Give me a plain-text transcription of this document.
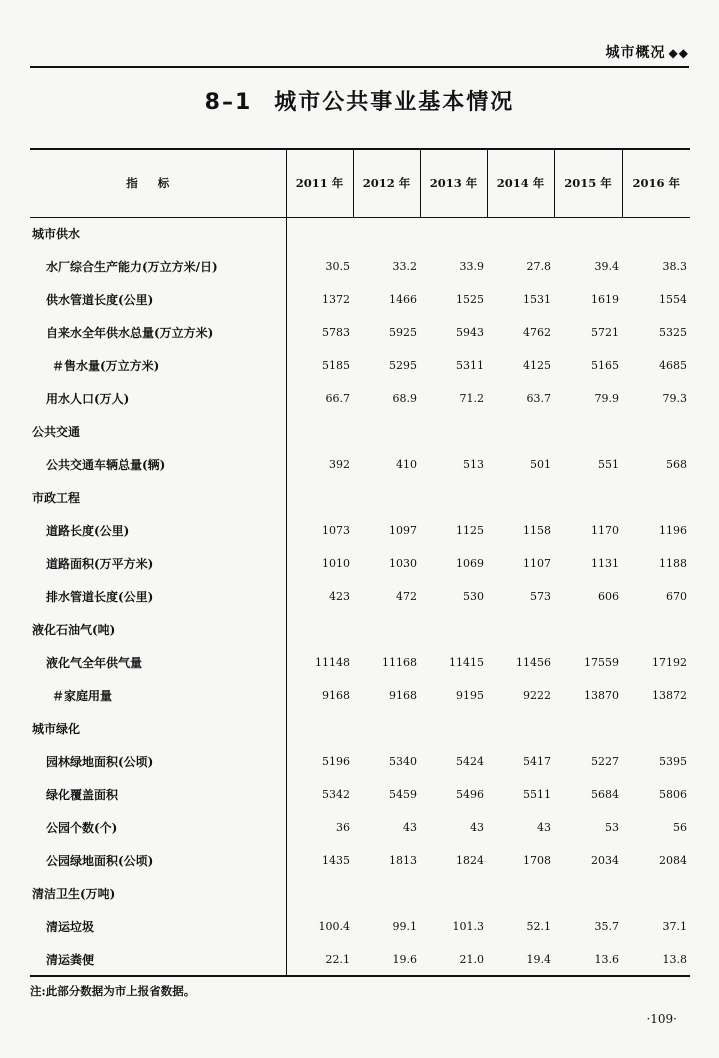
城市概况 ◆◆
8–1 城市公共事业基本情况
指标	2011 年	2012 年	2013 年	2014 年	2015 年	2016 年
城市供水						
水厂综合生产能力(万立方米/日)	30.5	33.2	33.9	27.8	39.4	38.3
供水管道长度(公里)	1372	1466	1525	1531	1619	1554
自来水全年供水总量(万立方米)	5783	5925	5943	4762	5721	5325
＃售水量(万立方米)	5185	5295	5311	4125	5165	4685
用水人口(万人)	66.7	68.9	71.2	63.7	79.9	79.3
公共交通						
公共交通车辆总量(辆)	392	410	513	501	551	568
市政工程						
道路长度(公里)	1073	1097	1125	1158	1170	1196
道路面积(万平方米)	1010	1030	1069	1107	1131	1188
排水管道长度(公里)	423	472	530	573	606	670
液化石油气(吨)						
液化气全年供气量	11148	11168	11415	11456	17559	17192
＃家庭用量	9168	9168	9195	9222	13870	13872
城市绿化						
园林绿地面积(公顷)	5196	5340	5424	5417	5227	5395
绿化覆盖面积	5342	5459	5496	5511	5684	5806
公园个数(个)	36	43	43	43	53	56
公园绿地面积(公顷)	1435	1813	1824	1708	2034	2084
清洁卫生(万吨)						
清运垃圾	100.4	99.1	101.3	52.1	35.7	37.1
清运粪便	22.1	19.6	21.0	19.4	13.6	13.8
注:此部分数据为市上报省数据。
·109·
